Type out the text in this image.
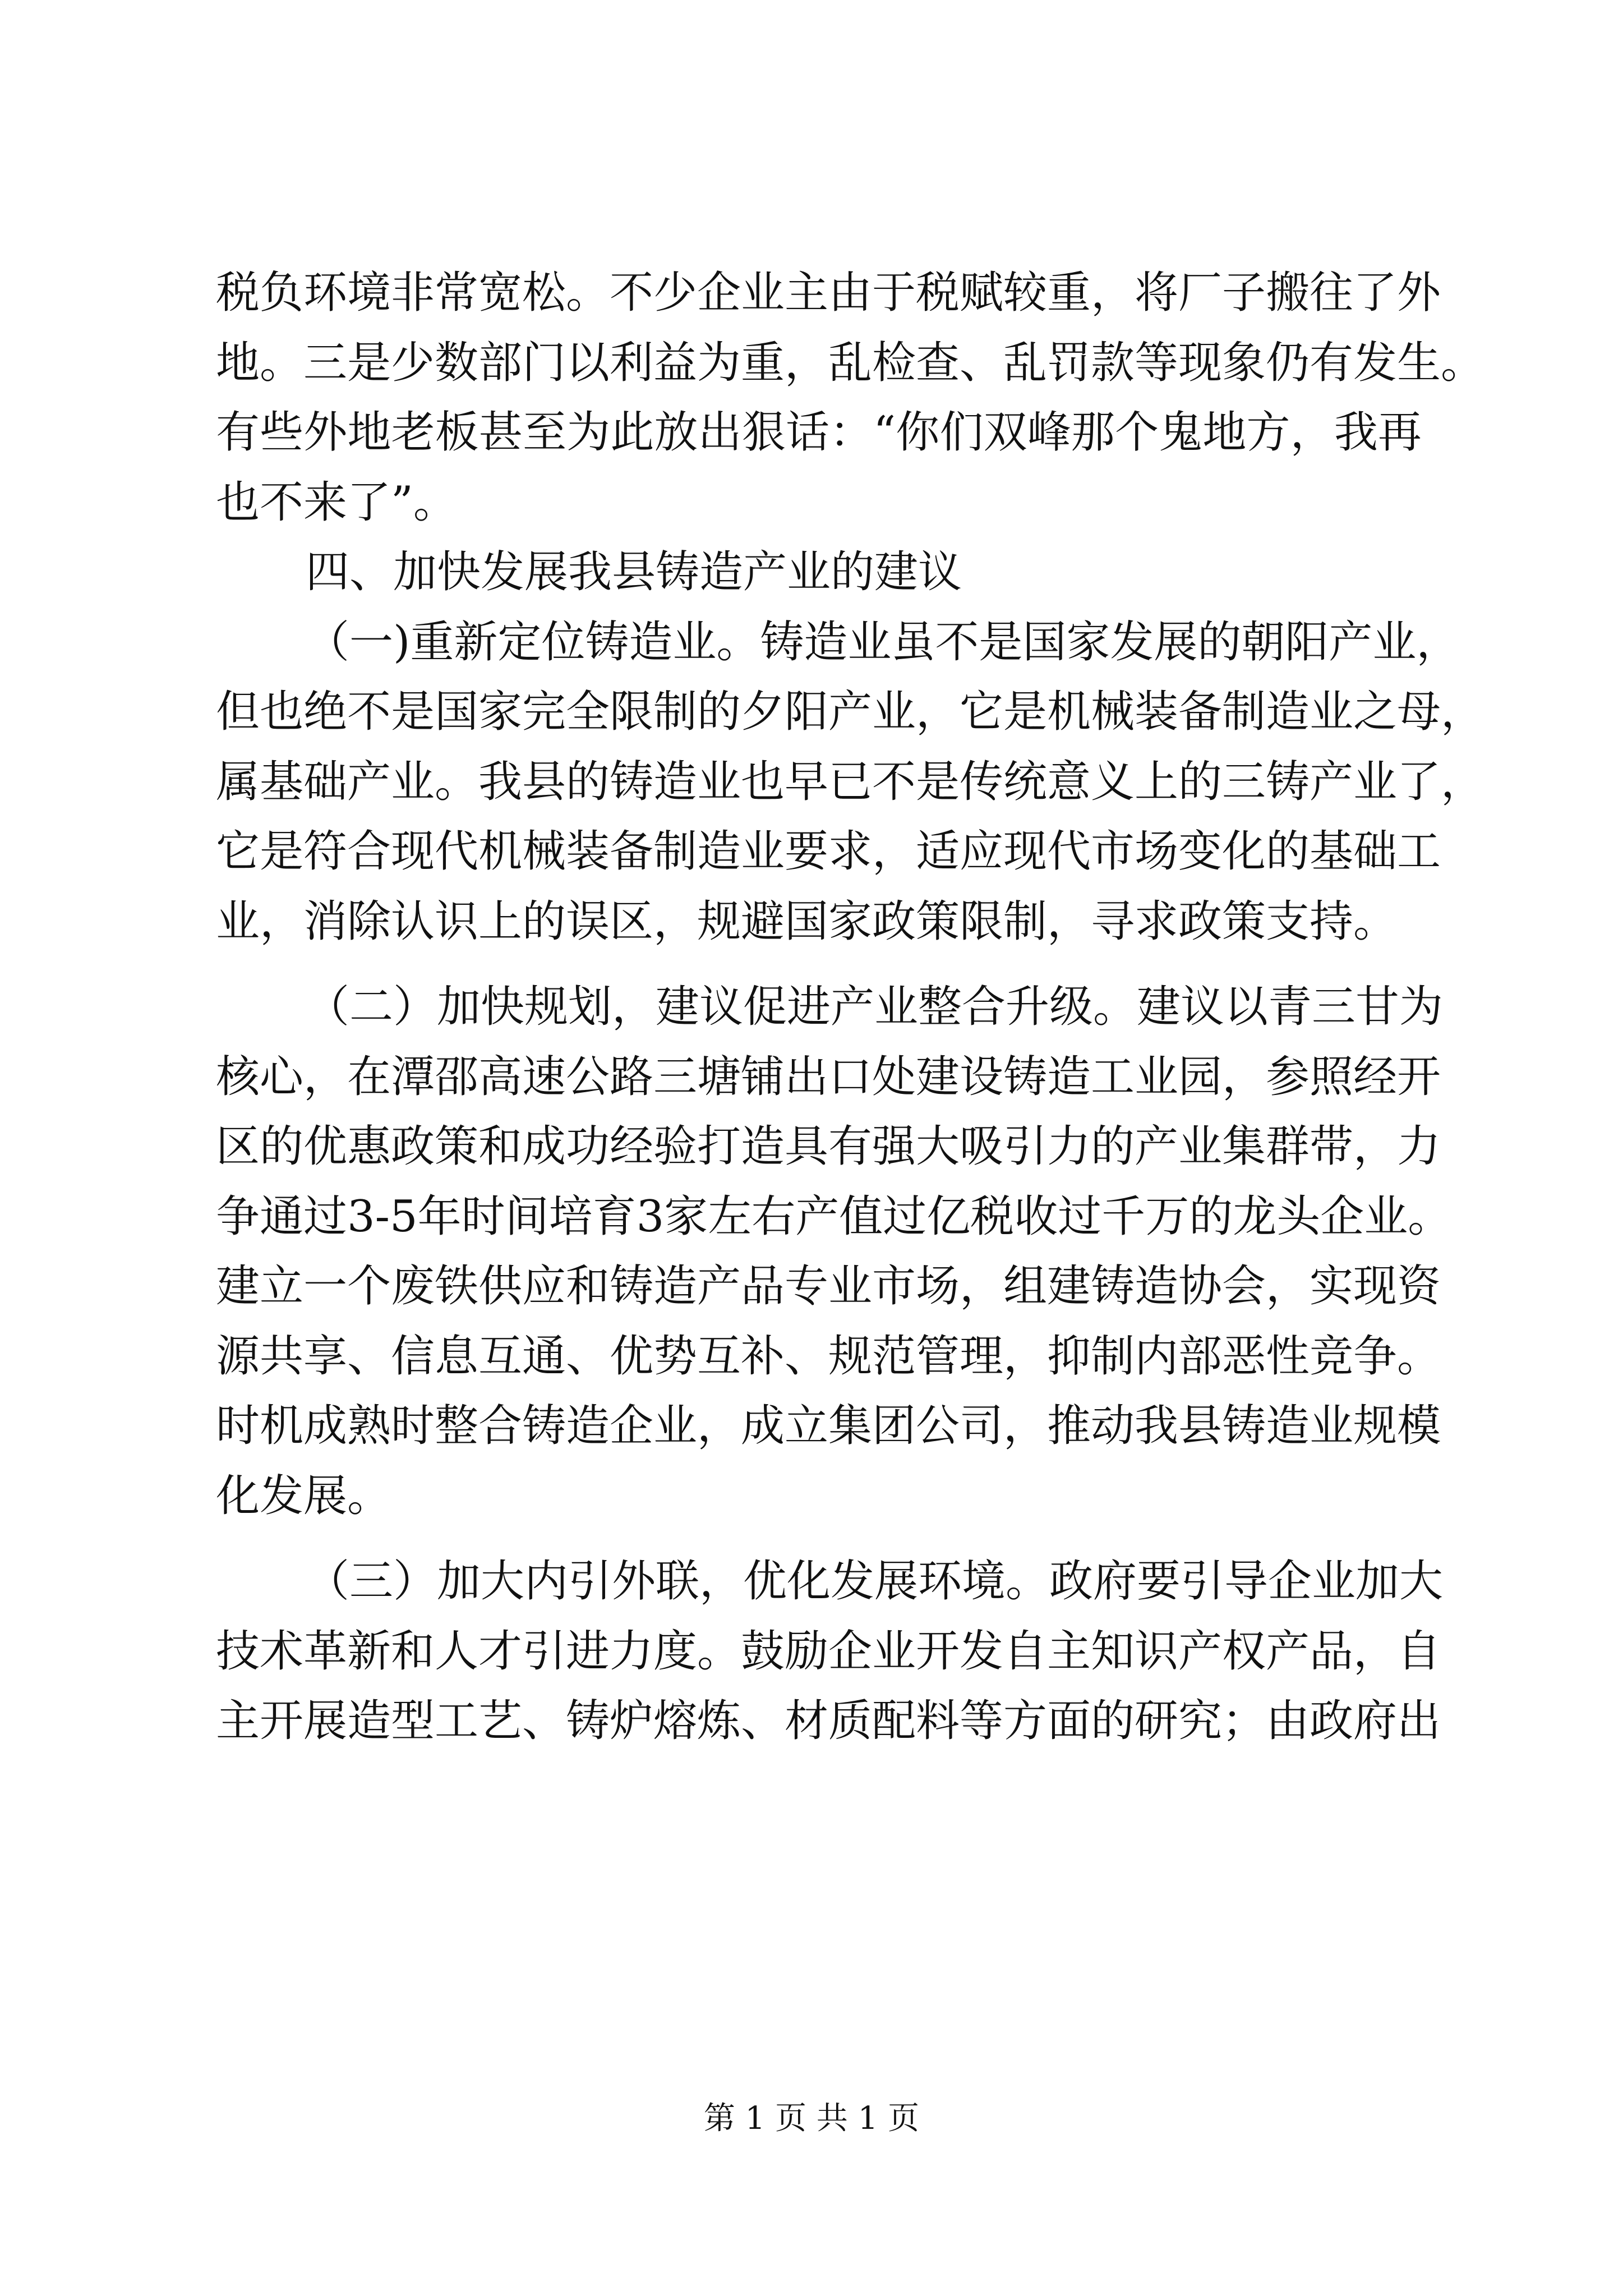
税负环境非常宽松。不少企业主由于税赋较重，将厂子搬往了外
地。三是少数部门以利益为重，乱检查、乱罚款等现象仍有发生。
有些外地老板甚至为此放出狠话：“你们双峰那个鬼地方，我再
也不来了”。
四、加快发展我县铸造产业的建议
（一)重新定位铸造业。铸造业虽不是国家发展的朝阳产业，
但也绝不是国家完全限制的夕阳产业，它是机械装备制造业之母，
属基础产业。我县的铸造业也早已不是传统意义上的三铸产业了，
它是符合现代机械装备制造业要求，适应现代市场变化的基础工
业，消除认识上的误区，规避国家政策限制，寻求政策支持。
（二）加快规划，建议促进产业整合升级。建议以青三甘为
核心，在潭邵高速公路三塘铺出口处建设铸造工业园，参照经开
区的优惠政策和成功经验打造具有强大吸引力的产业集群带，力
争通过3-5年时间培育3家左右产值过亿税收过千万的龙头企业。
建立一个废铁供应和铸造产品专业市场，组建铸造协会，实现资
源共享、信息互通、优势互补、规范管理，抑制内部恶性竞争。
时机成熟时整合铸造企业，成立集团公司，推动我县铸造业规模
化发展。
（三）加大内引外联，优化发展环境。政府要引导企业加大
技术革新和人才引进力度。鼓励企业开发自主知识产权产品，自
主开展造型工艺、铸炉熔炼、材质配料等方面的研究；由政府出
第 1 页 共 1 页
